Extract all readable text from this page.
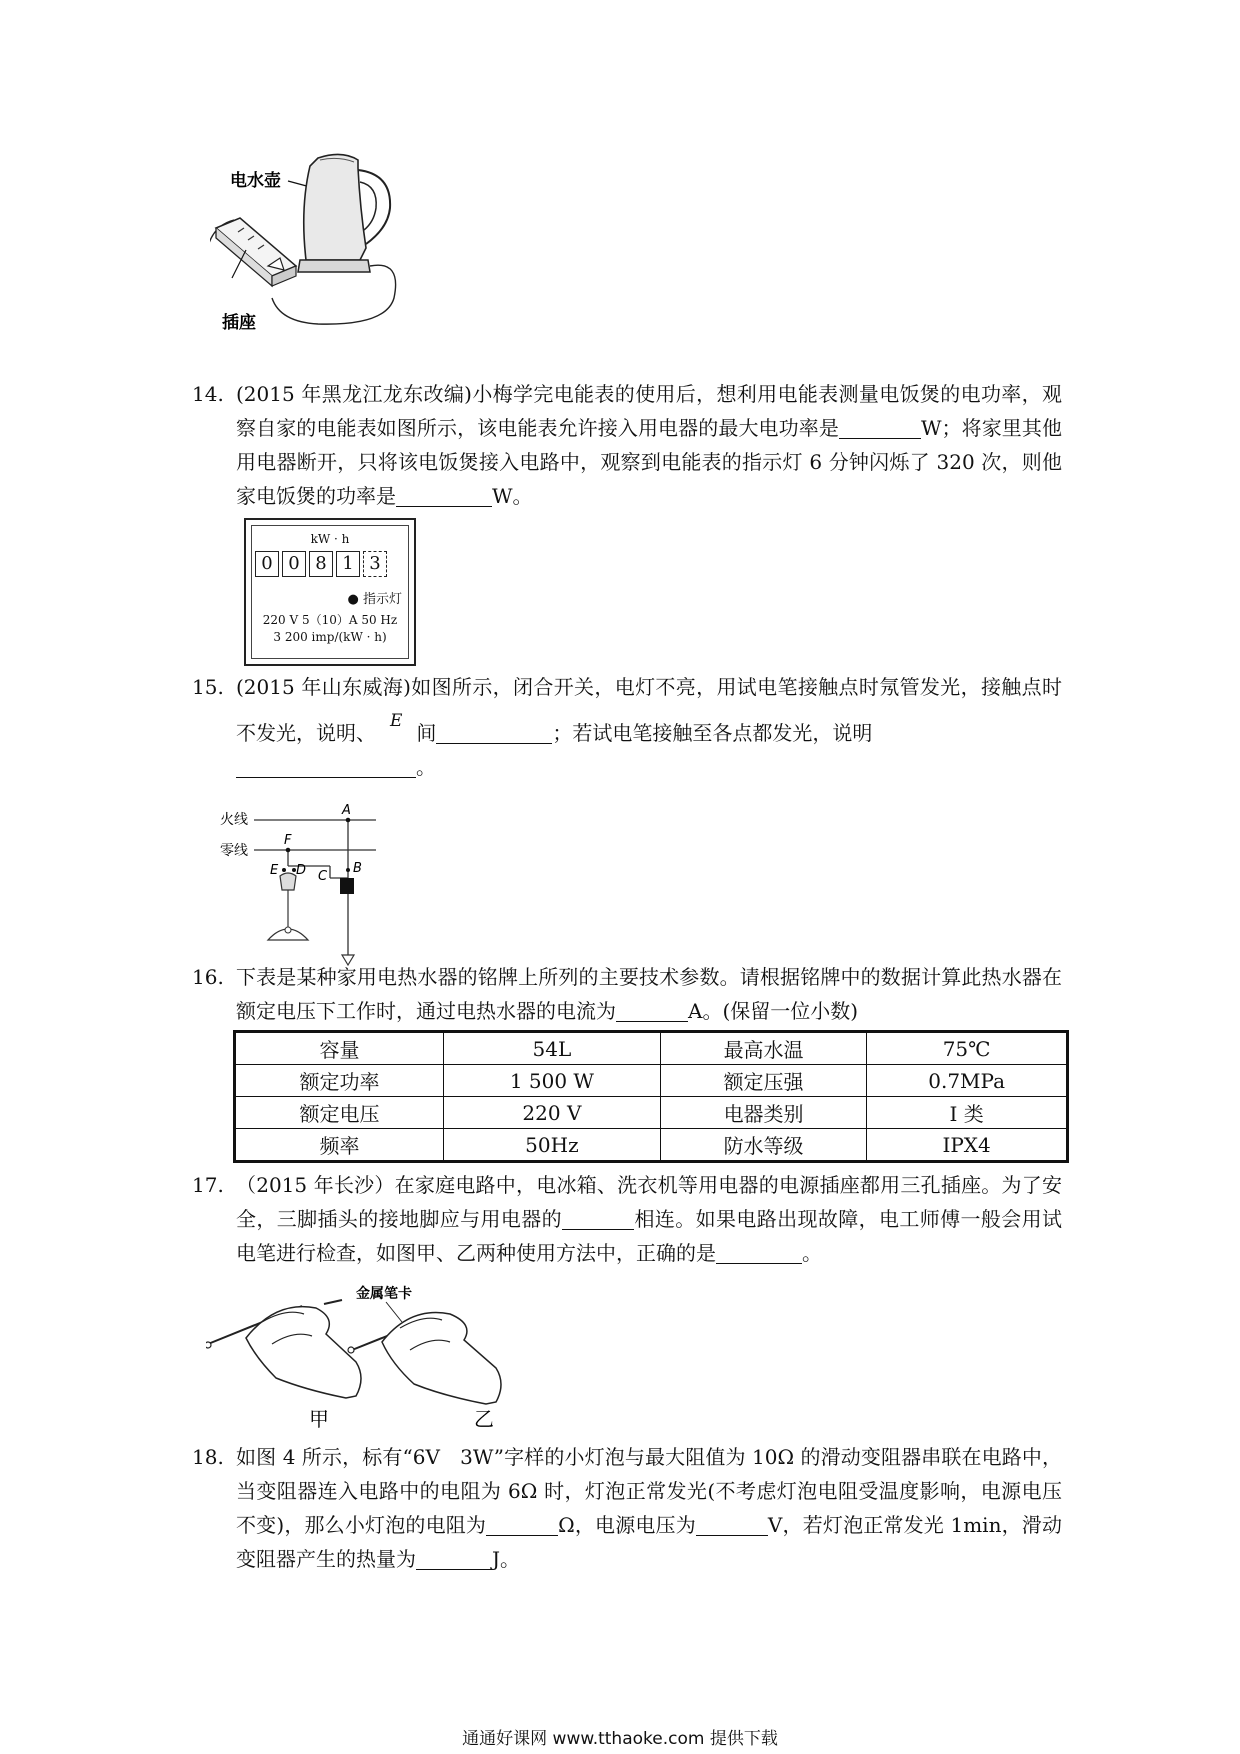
电水壶
插座
14. (2015 年黑龙江龙东改编)小梅学完电能表的使用后，想利用电能表测量电饭煲的电功率，观察自家的电能表如图所示，该电能表允许接入用电器的最大电功率是	W；将家里其他用电器断开，只将该电饭煲接入电路中，观察到电能表的指示灯 6 分钟闪烁了 320 次，则他家电饭煲的功率是	W。
kW · h
0 0 8 1 3
● 指示灯
220 V 5（10）A 50 Hz
3 200 imp/(kW · h)
15. (2015 年山东威海)如图所示，闭合开关，电灯不亮，用试电笔接触点时氖管发光，接触点时不发光，说明、 $^E$ 间	；若试电笔接触至各点都发光，说明
。
火线
零线
A
F
E D C
B
16. 下表是某种家用电热水器的铭牌上所列的主要技术参数。请根据铭牌中的数据计算此热水器在额定电压下工作时，通过电热水器的电流为	A。(保留一位小数)
容量	54L	最高水温	75℃
额定功率	1 500 W	额定压强	0.7MPa
额定电压	220 V	电器类别	I 类
频率	50Hz	防水等级	IPX4
17. （2015 年长沙）在家庭电路中，电冰箱、洗衣机等用电器的电源插座都用三孔插座。为了安全，三脚插头的接地脚应与用电器的	相连。如果电路出现故障，电工师傅一般会用试电笔进行检查，如图甲、乙两种使用方法中，正确的是	。
甲
金属笔卡
乙
18. 如图 4 所示，标有“6V　3W”字样的小灯泡与最大阻值为 10Ω 的滑动变阻器串联在电路中，当变阻器连入电路中的电阻为 6Ω 时，灯泡正常发光(不考虑灯泡电阻受温度影响，电源电压不变)，那么小灯泡的电阻为	Ω，电源电压为	V，若灯泡正常发光 1min，滑动变阻器产生的热量为	J。
通通好课网 www.tthaoke.com 提供下载
